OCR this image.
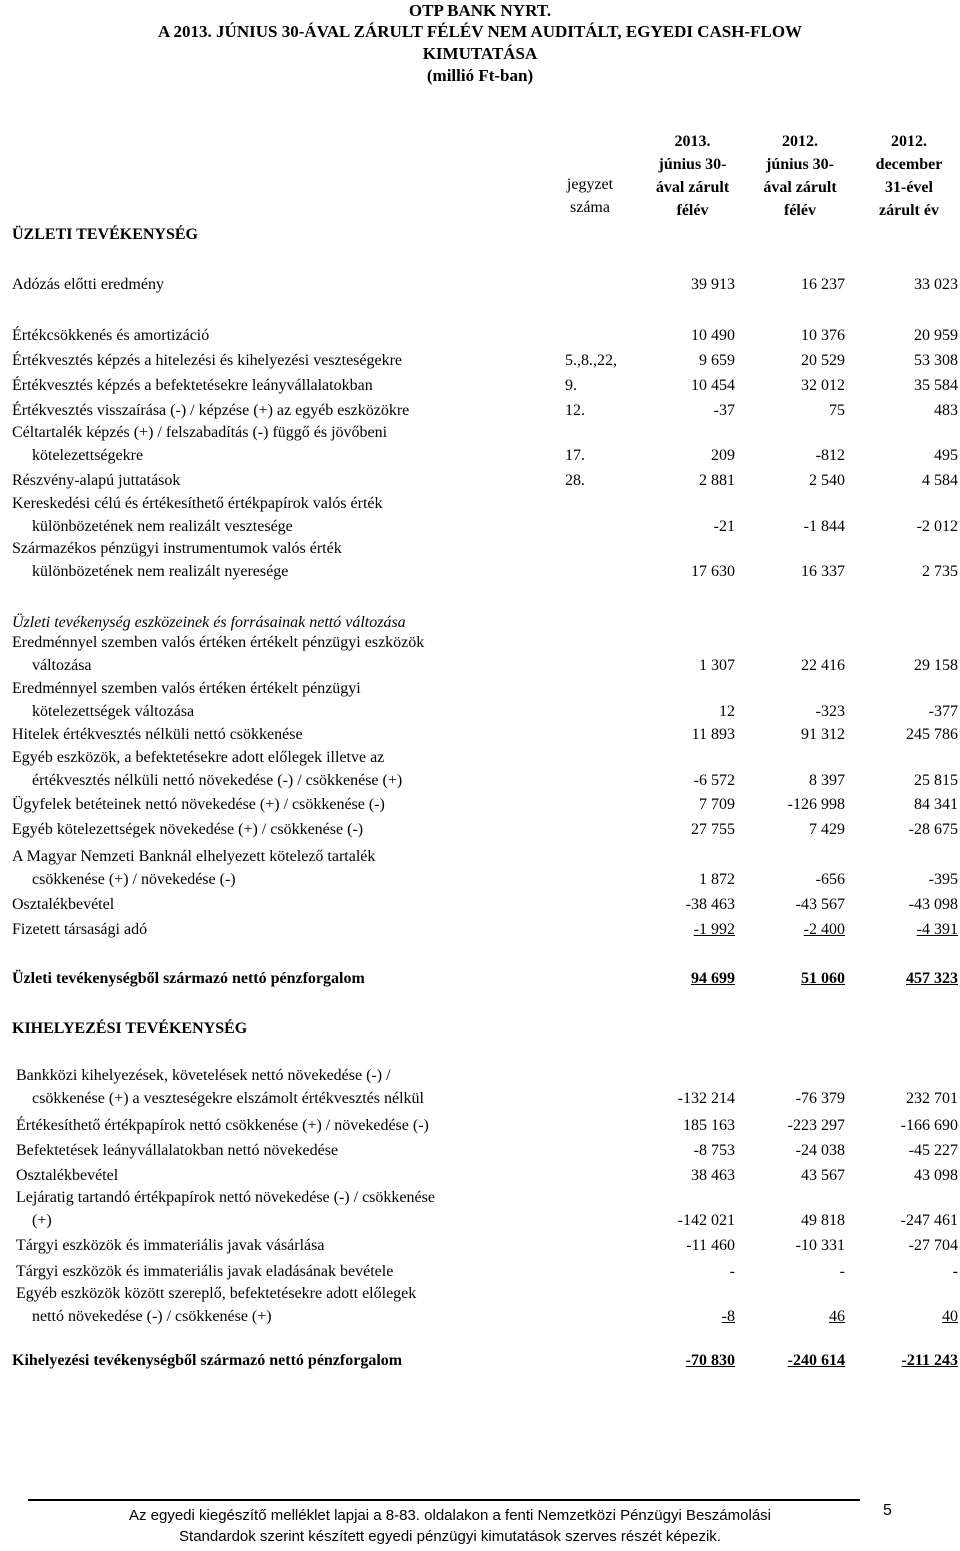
OTP BANK NYRT.
A 2013. JÚNIUS 30-ÁVAL ZÁRULT FÉLÉV NEM AUDITÁLT, EGYEDI CASH-FLOW
KIMUTATÁSA
(millió Ft-ban)
jegyzet
száma
2013.
június 30-
ával zárult
félév
2012.
június 30-
ával zárult
félév
2012.
december
31-ével
zárult év
ÜZLETI TEVÉKENYSÉG
Adózás előtti eredmény	39 913	16 237	33 023
Értékcsökkenés és amortizáció	10 490	10 376	20 959
Értékvesztés képzés a hitelezési és kihelyezési veszteségekre	5.,8.,22,	9 659	20 529	53 308
Értékvesztés képzés a befektetésekre leányvállalatokban	9.	10 454	32 012	35 584
Értékvesztés visszaírása (-) / képzése (+) az egyéb eszközökre	12.	-37	75	483
Céltartalék képzés (+) / felszabadítás (-) függő és jövőbeni
kötelezettségekre	17.	209	-812	495
Részvény-alapú juttatások	28.	2 881	2 540	4 584
Kereskedési célú és értékesíthető értékpapírok valós érték
különbözetének nem realizált vesztesége	-21	-1 844	-2 012
Származékos pénzügyi instrumentumok valós érték
különbözetének nem realizált nyeresége	17 630	16 337	2 735
Eredménnyel szemben valós értéken értékelt pénzügyi eszközök
változása	1 307	22 416	29 158
Eredménnyel szemben valós értéken értékelt pénzügyi
kötelezettségek változása	12	-323	-377
Hitelek értékvesztés nélküli nettó csökkenése	11 893	91 312	245 786
Egyéb eszközök, a befektetésekre adott előlegek illetve az
értékvesztés nélküli nettó növekedése (-) / csökkenése (+)	-6 572	8 397	25 815
Ügyfelek betéteinek nettó növekedése (+) / csökkenése (-)	7 709	-126 998	84 341
Egyéb kötelezettségek növekedése (+) / csökkenése (-)	27 755	7 429	-28 675
A Magyar Nemzeti Banknál elhelyezett kötelező tartalék
csökkenése (+) / növekedése (-)	1 872	-656	-395
Osztalékbevétel	-38 463	-43 567	-43 098
Fizetett társasági adó	-1 992	-2 400	-4 391
Üzleti tevékenységből származó nettó pénzforgalom	94 699	51 060	457 323
Bankközi kihelyezések, követelések nettó növekedése (-) /
csökkenése (+) a veszteségekre elszámolt értékvesztés nélkül	-132 214	-76 379	232 701
Értékesíthető értékpapírok nettó csökkenése (+) / növekedése (-)	185 163	-223 297	-166 690
Befektetések leányvállalatokban nettó növekedése	-8 753	-24 038	-45 227
Osztalékbevétel	38 463	43 567	43 098
Lejáratig tartandó értékpapírok nettó növekedése (-) / csökkenése
(+)	-142 021	49 818	-247 461
Tárgyi eszközök és immateriális javak vásárlása	-11 460	-10 331	-27 704
Tárgyi eszközök és immateriális javak eladásának bevétele	-	-	-
Egyéb eszközök között szereplő, befektetésekre adott előlegek
nettó növekedése (-) / csökkenése (+)	-8	46	40
Kihelyezési tevékenységből származó nettó pénzforgalom	-70 830	-240 614	-211 243
Üzleti tevékenység eszközeinek és forrásainak nettó változása
KIHELYEZÉSI TEVÉKENYSÉG
Az egyedi kiegészítő melléklet lapjai a 8-83. oldalakon a fenti Nemzetközi Pénzügyi Beszámolási
Standardok szerint készített egyedi pénzügyi kimutatások szerves részét képezik.
5
